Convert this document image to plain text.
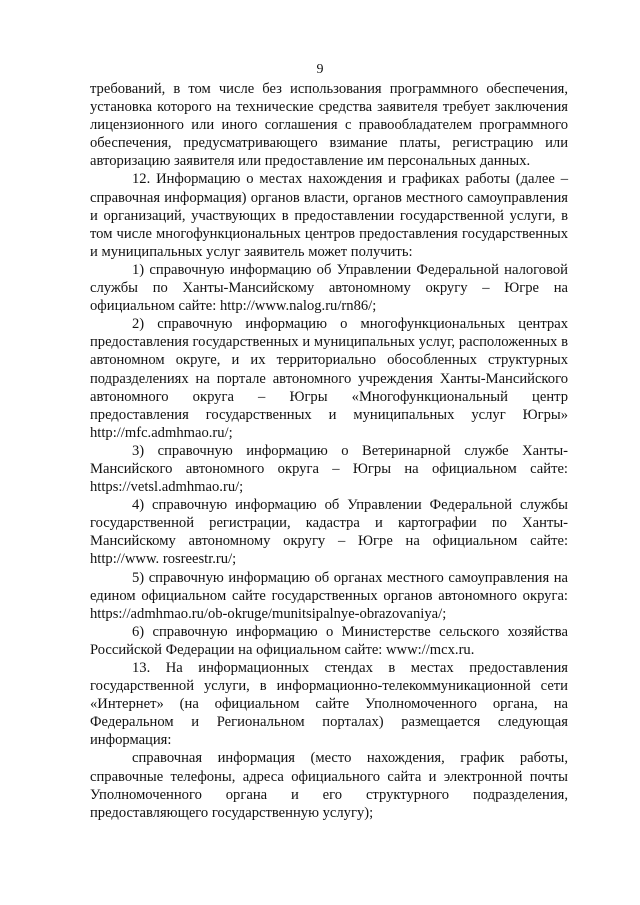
9

требований, в том числе без использования программного обеспечения, установка которого на технические средства заявителя требует заключения лицензионного или иного соглашения с правообладателем программного обеспечения, предусматривающего взимание платы, регистрацию или авторизацию заявителя или предоставление им персональных данных.

12. Информацию о местах нахождения и графиках работы (далее – справочная информация) органов власти, органов местного самоуправления и организаций, участвующих в предоставлении государственной услуги, в том числе многофункциональных центров предоставления государственных и муниципальных услуг заявитель может получить:

1) справочную информацию об Управлении Федеральной налоговой службы по Ханты-Мансийскому автономному округу – Югре на официальном сайте: http://www.nalog.ru/rn86/;

2) справочную информацию о многофункциональных центрах предоставления государственных и муниципальных услуг, расположенных в автономном округе, и их территориально обособленных структурных подразделениях на портале автономного учреждения Ханты-Мансийского автономного округа – Югры «Многофункциональный центр предоставления государственных и муниципальных услуг Югры» http://mfc.admhmao.ru/;

3) справочную информацию о Ветеринарной службе Ханты-Мансийского автономного округа – Югры на официальном сайте: https://vetsl.admhmao.ru/;

4) справочную информацию об Управлении Федеральной службы государственной регистрации, кадастра и картографии по Ханты-Мансийскому автономному округу – Югре на официальном сайте: http://www. rosreestr.ru/;

5) справочную информацию об органах местного самоуправления на едином официальном сайте государственных органов автономного округа: https://admhmao.ru/ob-okruge/munitsipalnye-obrazovaniya/;

6) справочную информацию о Министерстве сельского хозяйства Российской Федерации на официальном сайте: www://mcx.ru.

13. На информационных стендах в местах предоставления государственной услуги, в информационно-телекоммуникационной сети «Интернет» (на официальном сайте Уполномоченного органа, на Федеральном и Региональном порталах) размещается следующая информация:

справочная информация (место нахождения, график работы, справочные телефоны, адреса официального сайта и электронной почты Уполномоченного органа и его структурного подразделения, предоставляющего государственную услугу);
